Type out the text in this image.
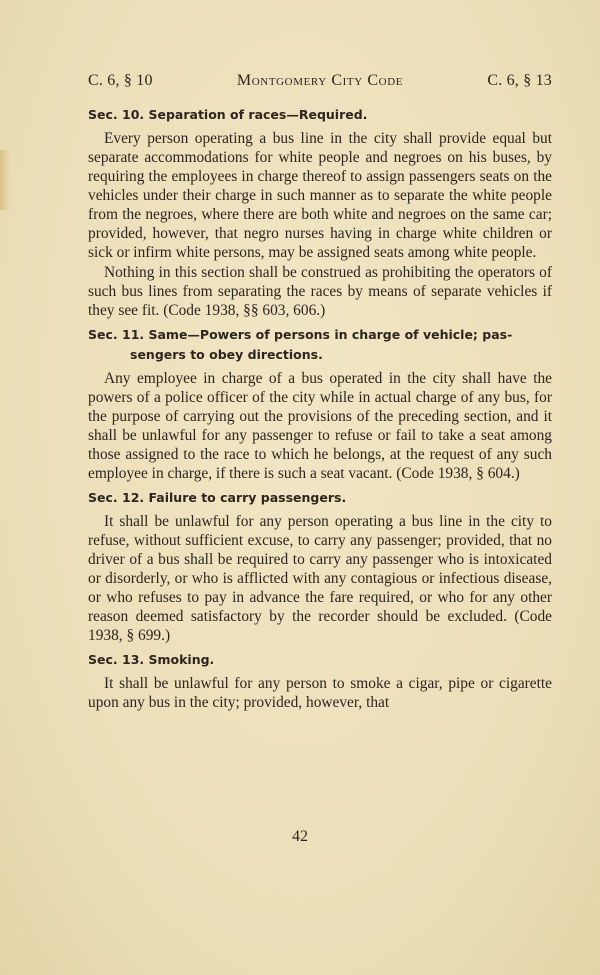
C. 6, § 10	Montgomery City Code	C. 6, § 13
Sec. 10. Separation of races—Required.

Every person operating a bus line in the city shall provide equal but separate accommodations for white people and negroes on his buses, by requiring the employees in charge thereof to assign passengers seats on the vehicles under their charge in such manner as to separate the white people from the negroes, where there are both white and negroes on the same car; provided, however, that negro nurses having in charge white children or sick or infirm white persons, may be assigned seats among white people.

Nothing in this section shall be construed as prohibiting the operators of such bus lines from separating the races by means of separate vehicles if they see fit. (Code 1938, §§ 603, 606.)

Sec. 11. Same—Powers of persons in charge of vehicle; pas-
sengers to obey directions.

Any employee in charge of a bus operated in the city shall have the powers of a police officer of the city while in actual charge of any bus, for the purpose of carrying out the provisions of the preceding section, and it shall be unlawful for any passenger to refuse or fail to take a seat among those assigned to the race to which he belongs, at the request of any such employee in charge, if there is such a seat vacant. (Code 1938, § 604.)

Sec. 12. Failure to carry passengers.

It shall be unlawful for any person operating a bus line in the city to refuse, without sufficient excuse, to carry any passenger; provided, that no driver of a bus shall be required to carry any passenger who is intoxicated or disorderly, or who is afflicted with any contagious or infectious disease, or who refuses to pay in advance the fare required, or who for any other reason deemed satisfactory by the recorder should be excluded. (Code 1938, § 699.)

Sec. 13. Smoking.

It shall be unlawful for any person to smoke a cigar, pipe or cigarette upon any bus in the city; provided, however, that

42
